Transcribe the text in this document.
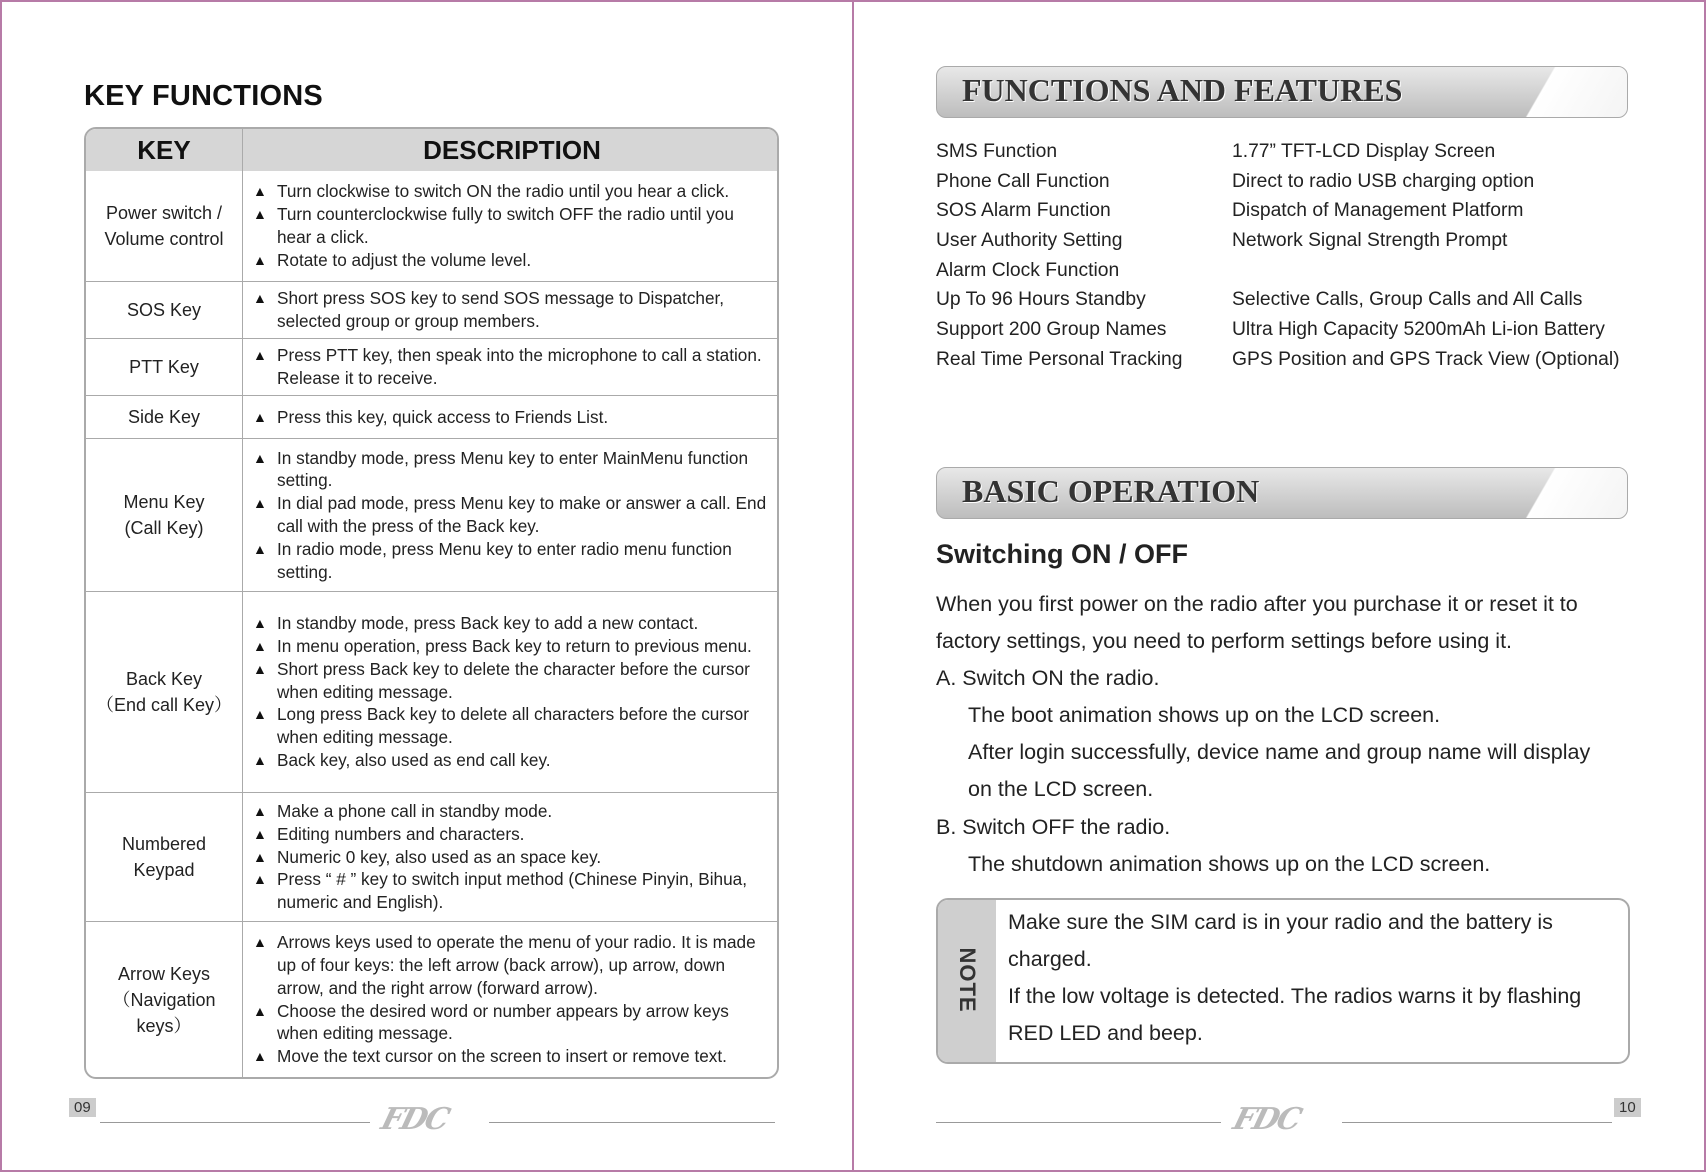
KEY FUNCTIONS
KEY	DESCRIPTION
Power switch /
Volume control
▲ Turn clockwise to switch ON the radio until you hear a click.
▲ Turn counterclockwise fully to switch OFF the radio until you hear a click.
▲ Rotate to adjust the volume level.
SOS Key
▲ Short press SOS key to send SOS message to Dispatcher, selected group or group members.
PTT Key
▲ Press PTT key, then speak into the microphone to call a station. Release it to receive.
Side Key
▲	Press this key, quick access to Friends List.
Menu Key
(Call Key)
▲ In standby mode, press Menu key to enter MainMenu function setting.
▲ In dial pad mode, press Menu key to make or answer a call. End call with the press of the Back key.
▲ In radio mode, press Menu key to enter radio menu function setting.
Back Key
（End call Key）
▲ In standby mode, press Back key to add a new contact.
▲ In menu operation, press Back key to return to previous menu.
▲ Short press Back key to delete the character before the cursor when editing message.
▲ Long press Back key to delete all characters before the cursor when editing message.
▲ Back key, also used as end call key.
Numbered
Keypad
▲ Make a phone call in standby mode.
▲ Editing numbers and characters.
▲ Numeric 0 key, also used as an space key.
▲ Press “ # ” key to switch input method (Chinese Pinyin, Bihua, numeric and English).
Arrow Keys
（Navigation keys）
▲ Arrows keys used to operate the menu of your radio. It is made up of four keys: the left arrow (back arrow), up arrow, down arrow, and the right arrow (forward arrow).
▲ Choose the desired word or number appears by arrow keys when editing message.
▲ Move the text cursor on the screen to insert or remove text.
09	FDC
FUNCTIONS AND FEATURES
SMS Function
Phone Call Function
SOS Alarm Function
User Authority Setting
Alarm Clock Function
Up To 96 Hours Standby
Support 200 Group Names
Real Time Personal Tracking
1.77” TFT-LCD Display Screen
Direct to radio USB charging option
Dispatch of Management Platform
Network Signal Strength Prompt
Selective Calls, Group Calls and All Calls
Ultra High Capacity 5200mAh Li-ion Battery
GPS Position and GPS Track View (Optional)
BASIC OPERATION
Switching ON / OFF
When you first power on the radio after you purchase it or reset it to
factory settings, you need to perform settings before using it.
A. Switch ON the radio.
The boot animation shows up on the LCD screen.
After login successfully, device name and group name will display
on the LCD screen.
B. Switch OFF the radio.
The shutdown animation shows up on the LCD screen.
NOTE
Make sure the SIM card is in your radio and the battery is
charged.
If the low voltage is detected. The radios warns it by flashing
RED LED and beep.
FDC	10
